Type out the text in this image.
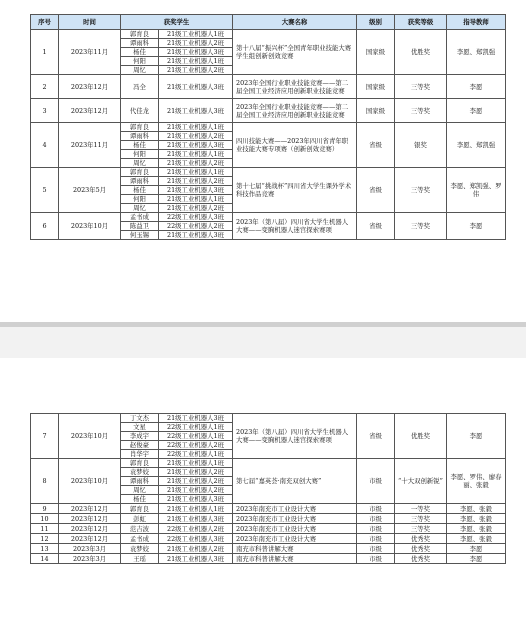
序号	时间	获奖学生		大赛名称	级别	获奖等级	指导教师
1	2023年11月	郭育良	21级工业机器人1班	第十八届“振兴杯”全国青年职业技能大赛学生组创新创效竞赛	国家级	优胜奖	李愿、郑凯强
		谭雨科	21级工业机器人2班				
		杨佳	21级工业机器人3班				
		何阳	21级工业机器人1班				
		周忆	21级工业机器人2班				
2	2023年12月	冯全	21级工业机器人3班	2023年全国行业职业技能竞赛——第二届全国工业经济应用创新职业技能竞赛	国家级	三等奖	李愿
3	2023年12月	代佳龙	21级工业机器人3班	2023年全国行业职业技能竞赛——第二届全国工业经济应用创新职业技能竞赛	国家级	三等奖	李愿
4	2023年11月	郭育良	21级工业机器人1班	四川技能大赛——2023年四川省青年职业技能大赛专项赛（创新创效竞赛）	省级	银奖	李愿、郑凯强
		谭雨科	21级工业机器人2班				
		杨佳	21级工业机器人3班				
		何阳	21级工业机器人1班				
		周忆	21级工业机器人2班				
5	2023年5月	郭育良	21级工业机器人1班	第十七届“挑战杯”四川省大学生课外学术科技作品竞赛	省级	三等奖	李愿、郑凯强、罗伟
		谭雨科	21级工业机器人2班				
		杨佳	21级工业机器人3班				
		何阳	21级工业机器人1班				
		周忆	21级工业机器人2班				
6	2023年10月	孟书成	22级工业机器人3班	2023年（第八届）四川省大学生机器人大赛——变胸机器人迷宫探索赛项	省级	三等奖	李愿
		陈益卫	22级工业机器人2班				
		何玉锡	21级工业机器人3班				
7	2023年10月	丁文杰	21级工业机器人3班	2023年（第八届）四川省大学生机器人大赛——变胸机器人迷宫探索赛项	省级	优胜奖	李愿
		文星	22级工业机器人1班				
		李成宇	22级工业机器人1班				
		赵俊豪	22级工业机器人2班				
		肖华宇	22级工业机器人1班				
8	2023年10月	郭育良	21级工业机器人1班	第七届“嘉英荟·南充双创大赛”	市级	“十大双创新锐”	李愿、罗伟、廖春丽、张毅
		袁梦姣	21级工业机器人2班				
		谭雨科	21级工业机器人2班				
		周忆	21级工业机器人2班				
		杨佳	21级工业机器人3班				
9	2023年12月	郭育良	21级工业机器人1班	2023年南充市工业设计大赛	市级	一等奖	李愿、张毅
10	2023年12月	彭虹	21级工业机器人3班	2023年南充市工业设计大赛	市级	三等奖	李愿、张毅
11	2023年12月	范吉波	22级工业机器人2班	2023年南充市工业设计大赛	市级	三等奖	李愿、张毅
12	2023年12月	孟书成	22级工业机器人3班	2023年南充市工业设计大赛	市级	优秀奖	李愿、张毅
13	2023年3月	袁梦姣	21级工业机器人2班	南充市科普讲解大赛	市级	优秀奖	李愿
14	2023年3月	王瑶	21级工业机器人3班	南充市科普讲解大赛	市级	优秀奖	李愿
